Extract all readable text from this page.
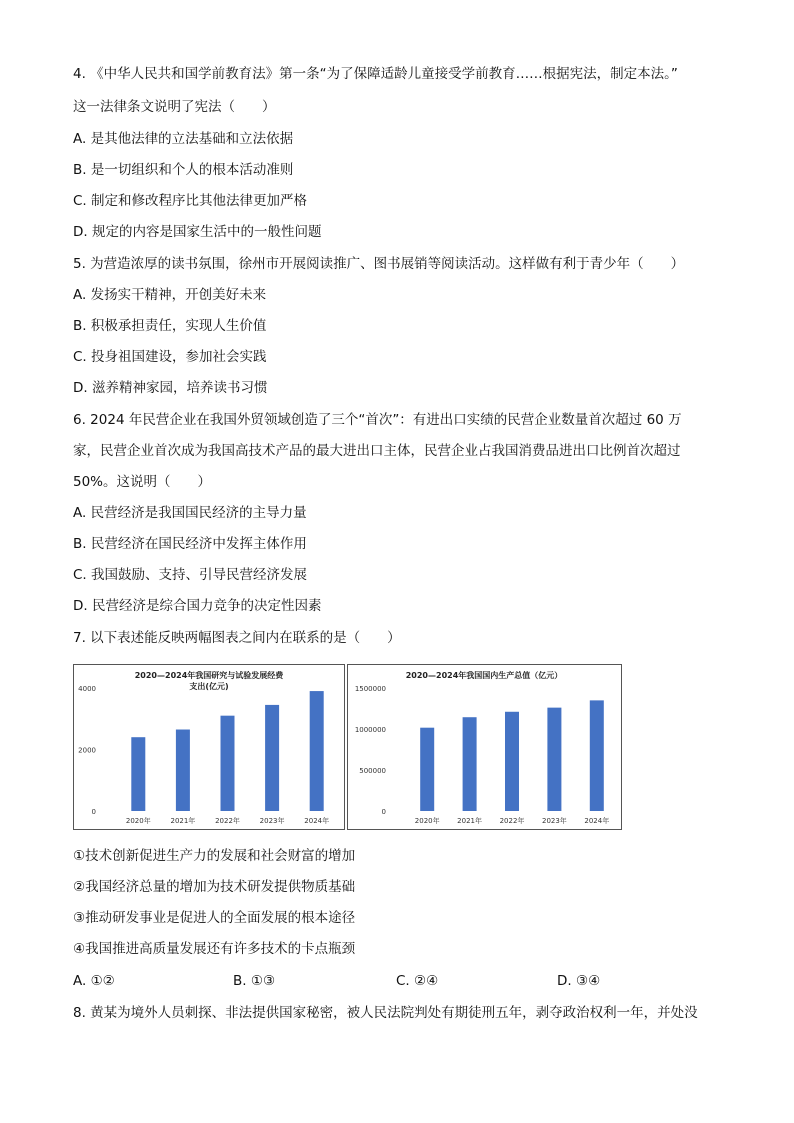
4. 《中华人民共和国学前教育法》第一条“为了保障适龄儿童接受学前教育……根据宪法，制定本法。”
这一法律条文说明了宪法（　　）
A. 是其他法律的立法基础和立法依据
B. 是一切组织和个人的根本活动准则
C. 制定和修改程序比其他法律更加严格
D. 规定的内容是国家生活中的一般性问题
5. 为营造浓厚的读书氛围，徐州市开展阅读推广、图书展销等阅读活动。这样做有利于青少年（　　）
A. 发扬实干精神，开创美好未来
B. 积极承担责任，实现人生价值
C. 投身祖国建设，参加社会实践
D. 滋养精神家园，培养读书习惯
6. 2024 年民营企业在我国外贸领域创造了三个“首次”：有进出口实绩的民营企业数量首次超过 60 万
家，民营企业首次成为我国高技术产品的最大进出口主体，民营企业占我国消费品进出口比例首次超过
50%。这说明（　　）
A. 民营经济是我国国民经济的主导力量
B. 民营经济在国民经济中发挥主体作用
C. 我国鼓励、支持、引导民营经济发展
D. 民营经济是综合国力竞争的决定性因素
7. 以下表述能反映两幅图表之间内在联系的是（　　）
2020—2024年我国研究与试验发展经费
支出(亿元)
0
2000
4000
2020年	2021年	2022年	2023年	2024年
2020—2024年我国国内生产总值（亿元）
0
500000
1000000
1500000
2020年	2021年	2022年	2023年	2024年
①技术创新促进生产力的发展和社会财富的增加
②我国经济总量的增加为技术研发提供物质基础
③推动研发事业是促进人的全面发展的根本途径
④我国推进高质量发展还有许多技术的卡点瓶颈
A. ①②	B. ①③	C. ②④	D. ③④
8. 黄某为境外人员刺探、非法提供国家秘密，被人民法院判处有期徒刑五年，剥夺政治权利一年，并处没
